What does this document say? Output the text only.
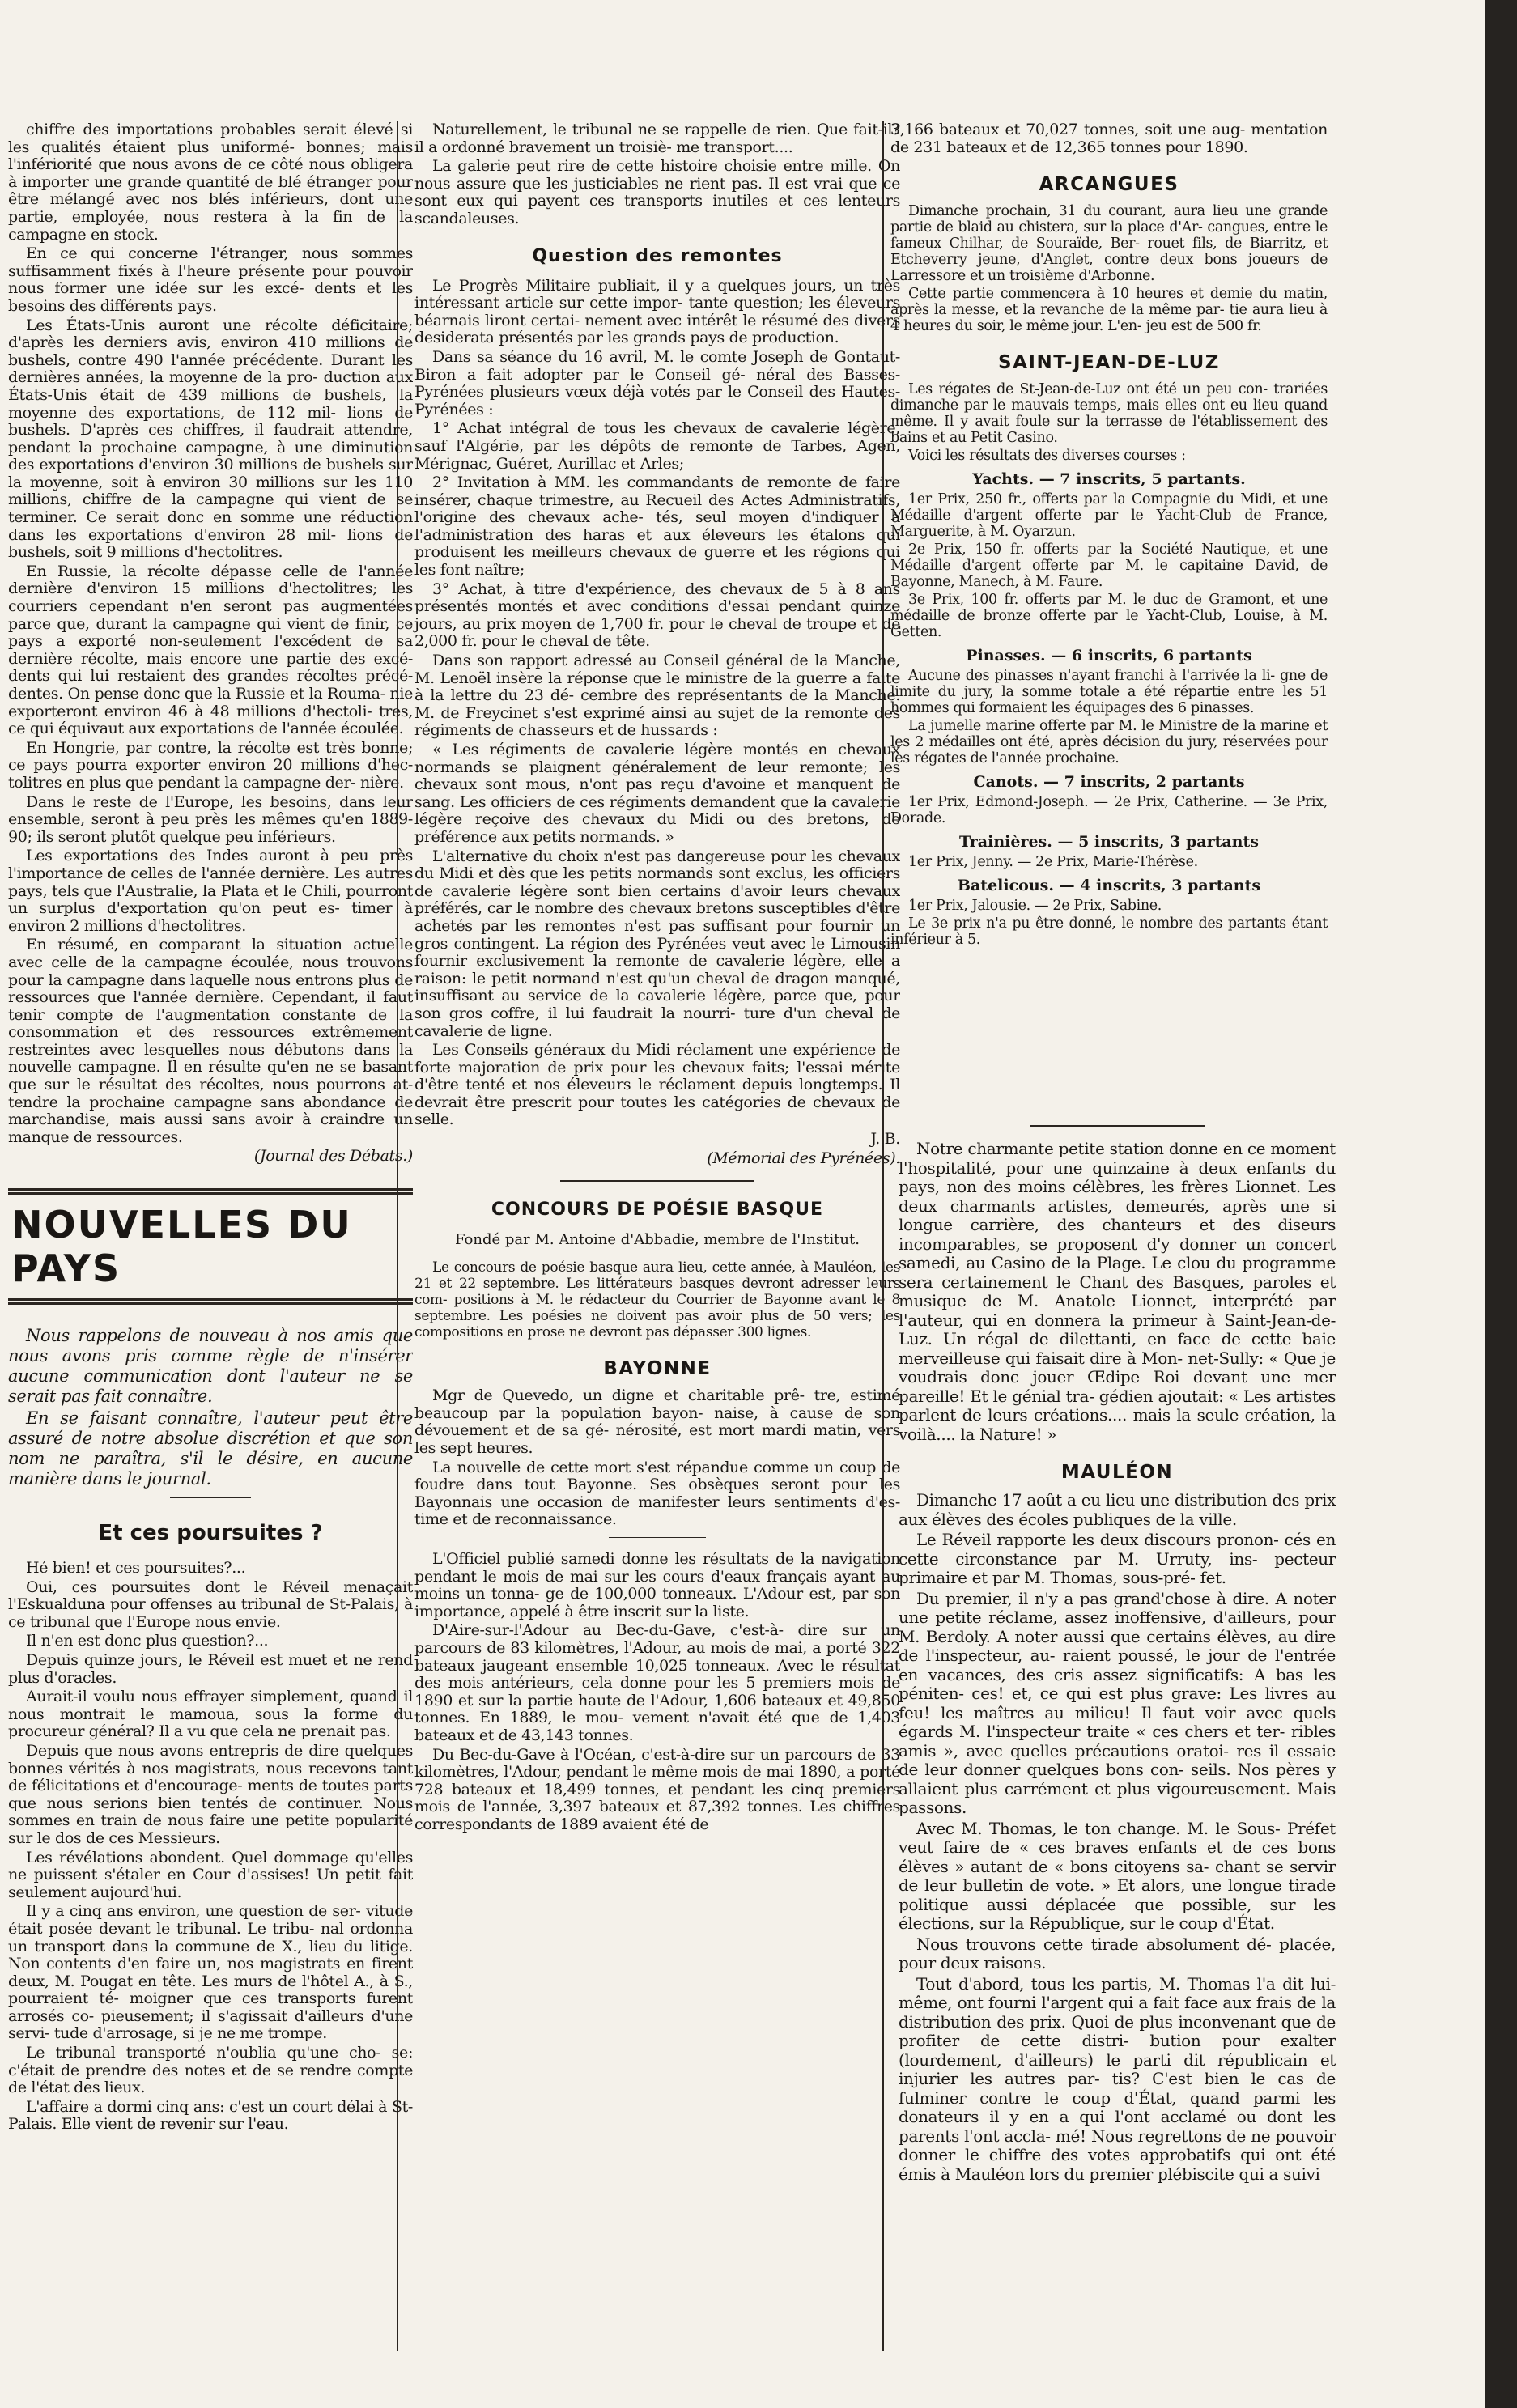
chiffre des importations probables serait élevé si les qualités étaient plus uniformé- bonnes; mais l'infériorité que nous avons de ce côté nous obligera à importer une grande quantité de blé étranger pour être mélangé avec nos blés inférieurs, dont une partie, employée, nous restera à la fin de la campagne en stock.

En ce qui concerne l'étranger, nous sommes suffisamment fixés à l'heure présente pour pouvoir nous former une idée sur les excé- dents et les besoins des différents pays.

Les États-Unis auront une récolte déficitaire; d'après les derniers avis, environ 410 millions de bushels, contre 490 l'année précédente. Durant les dernières années, la moyenne de la pro- duction aux États-Unis était de 439 millions de bushels, la moyenne des exportations, de 112 mil- lions de bushels. D'après ces chiffres, il faudrait attendre, pendant la prochaine campagne, à une diminution des exportations d'environ 30 millions de bushels sur la moyenne, soit à environ 30 millions sur les 110 millions, chiffre de la campagne qui vient de se terminer. Ce serait donc en somme une réduction dans les exportations d'environ 28 mil- lions de bushels, soit 9 millions d'hectolitres.

En Russie, la récolte dépasse celle de l'année dernière d'environ 15 millions d'hectolitres; les courriers cependant n'en seront pas augmentées parce que, durant la campagne qui vient de finir, ce pays a exporté non-seulement l'excédent de sa dernière récolte, mais encore une partie des excé- dents qui lui restaient des grandes récoltes précé- dentes. On pense donc que la Russie et la Rouma- nie exporteront environ 46 à 48 millions d'hectoli- tres, ce qui équivaut aux exportations de l'année écoulée.

En Hongrie, par contre, la récolte est très bonne; ce pays pourra exporter environ 20 millions d'hec- tolitres en plus que pendant la campagne der- nière.

Dans le reste de l'Europe, les besoins, dans leur ensemble, seront à peu près les mêmes qu'en 1889-90; ils seront plutôt quelque peu inférieurs.

Les exportations des Indes auront à peu près l'importance de celles de l'année dernière. Les autres pays, tels que l'Australie, la Plata et le Chili, pourront un surplus d'exportation qu'on peut es- timer à environ 2 millions d'hectolitres.

En résumé, en comparant la situation actuelle avec celle de la campagne écoulée, nous trouvons pour la campagne dans laquelle nous entrons plus de ressources que l'année dernière. Cependant, il faut tenir compte de l'augmentation constante de la consommation et des ressources extrêmement restreintes avec lesquelles nous débutons dans la nouvelle campagne. Il en résulte qu'en ne se basant que sur le résultat des récoltes, nous pourrons at- tendre la prochaine campagne sans abondance de marchandise, mais aussi sans avoir à craindre un manque de ressources.

(Journal des Débats.)

NOUVELLES DU PAYS

Nous rappelons de nouveau à nos amis que nous avons pris comme règle de n'insérer aucune communication dont l'auteur ne se serait pas fait connaître.

En se faisant connaître, l'auteur peut être assuré de notre absolue discrétion et que son nom ne paraîtra, s'il le désire, en aucune manière dans le journal.

Et ces poursuites ?

Hé bien! et ces poursuites?...

Oui, ces poursuites dont le Réveil menaçait l'Eskualduna pour offenses au tribunal de St-Palais, à ce tribunal que l'Europe nous envie.

Il n'en est donc plus question?...

Depuis quinze jours, le Réveil est muet et ne rend plus d'oracles.

Aurait-il voulu nous effrayer simplement, quand il nous montrait le mamoua, sous la forme du procureur général? Il a vu que cela ne prenait pas.

Depuis que nous avons entrepris de dire quelques bonnes vérités à nos magistrats, nous recevons tant de félicitations et d'encourage- ments de toutes parts que nous serions bien tentés de continuer. Nous sommes en train de nous faire une petite popularité sur le dos de ces Messieurs.

Les révélations abondent. Quel dommage qu'elles ne puissent s'étaler en Cour d'assises! Un petit fait seulement aujourd'hui.

Il y a cinq ans environ, une question de ser- vitude était posée devant le tribunal. Le tribu- nal ordonna un transport dans la commune de X., lieu du litige. Non contents d'en faire un, nos magistrats en firent deux, M. Pougat en tête. Les murs de l'hôtel A., à S., pourraient té- moigner que ces transports furent arrosés co- pieusement; il s'agissait d'ailleurs d'une servi- tude d'arrosage, si je ne me trompe.

Le tribunal transporté n'oublia qu'une cho- se: c'était de prendre des notes et de se rendre compte de l'état des lieux.

L'affaire a dormi cinq ans: c'est un court délai à St-Palais. Elle vient de revenir sur l'eau.

Naturellement, le tribunal ne se rappelle de rien. Que fait-il? il a ordonné bravement un troisiè- me transport....

La galerie peut rire de cette histoire choisie entre mille. On nous assure que les justiciables ne rient pas. Il est vrai que ce sont eux qui payent ces transports inutiles et ces lenteurs scandaleuses.

Question des remontes

Le Progrès Militaire publiait, il y a quelques jours, un très intéressant article sur cette impor- tante question; les éleveurs béarnais liront certai- nement avec intérêt le résumé des divers desiderata présentés par les grands pays de production.

Dans sa séance du 16 avril, M. le comte Joseph de Gontaut-Biron a fait adopter par le Conseil gé- néral des Basses-Pyrénées plusieurs vœux déjà votés par le Conseil des Hautes-Pyrénées :

1° Achat intégral de tous les chevaux de cavalerie légère, sauf l'Algérie, par les dépôts de remonte de Tarbes, Agen, Mérignac, Guéret, Aurillac et Arles;

2° Invitation à MM. les commandants de remonte de faire insérer, chaque trimestre, au Recueil des Actes Administratifs, l'origine des chevaux ache- tés, seul moyen d'indiquer à l'administration des haras et aux éleveurs les étalons qui produisent les meilleurs chevaux de guerre et les régions qui les font naître;

3° Achat, à titre d'expérience, des chevaux de 5 à 8 ans présentés montés et avec conditions d'essai pendant quinze jours, au prix moyen de 1,700 fr. pour le cheval de troupe et de 2,000 fr. pour le cheval de tête.

Dans son rapport adressé au Conseil général de la Manche, M. Lenoël insère la réponse que le ministre de la guerre a faite à la lettre du 23 dé- cembre des représentants de la Manche. M. de Freycinet s'est exprimé ainsi au sujet de la remonte des régiments de chasseurs et de hussards :

« Les régiments de cavalerie légère montés en chevaux normands se plaignent généralement de leur remonte; les chevaux sont mous, n'ont pas reçu d'avoine et manquent de sang. Les officiers de ces régiments demandent que la cavalerie légère reçoive des chevaux du Midi ou des bretons, de préférence aux petits normands. »

L'alternative du choix n'est pas dangereuse pour les chevaux du Midi et dès que les petits normands sont exclus, les officiers de cavalerie légère sont bien certains d'avoir leurs chevaux préférés, car le nombre des chevaux bretons susceptibles d'être achetés par les remontes n'est pas suffisant pour fournir un gros contingent. La région des Pyrénées veut avec le Limousin fournir exclusivement la remonte de cavalerie légère, elle a raison: le petit normand n'est qu'un cheval de dragon manqué, insuffisant au service de la cavalerie légère, parce que, pour son gros coffre, il lui faudrait la nourri- ture d'un cheval de cavalerie de ligne.

Les Conseils généraux du Midi réclament une expérience de forte majoration de prix pour les chevaux faits; l'essai mérite d'être tenté et nos éleveurs le réclament depuis longtemps. Il devrait être prescrit pour toutes les catégories de chevaux de selle.

J. B.

(Mémorial des Pyrénées).

CONCOURS DE POÉSIE BASQUE
Fondé par M. Antoine d'Abbadie, membre de l'Institut.

Le concours de poésie basque aura lieu, cette année, à Mauléon, les 21 et 22 septembre. Les littérateurs basques devront adresser leurs com- positions à M. le rédacteur du Courrier de Bayonne avant le 8 septembre. Les poésies ne doivent pas avoir plus de 50 vers; les compositions en prose ne devront pas dépasser 300 lignes.

BAYONNE

Mgr de Quevedo, un digne et charitable prê- tre, estimé beaucoup par la population bayon- naise, à cause de son dévouement et de sa gé- nérosité, est mort mardi matin, vers les sept heures.

La nouvelle de cette mort s'est répandue comme un coup de foudre dans tout Bayonne. Ses obsèques seront pour les Bayonnais une occasion de manifester leurs sentiments d'es- time et de reconnaissance.

L'Officiel publié samedi donne les résultats de la navigation pendant le mois de mai sur les cours d'eaux français ayant au moins un tonna- ge de 100,000 tonneaux. L'Adour est, par son importance, appelé à être inscrit sur la liste.

D'Aire-sur-l'Adour au Bec-du-Gave, c'est-à- dire sur un parcours de 83 kilomètres, l'Adour, au mois de mai, a porté 322 bateaux jaugeant ensemble 10,025 tonneaux. Avec le résultat des mois antérieurs, cela donne pour les 5 premiers mois de 1890 et sur la partie haute de l'Adour, 1,606 bateaux et 49,850 tonnes. En 1889, le mou- vement n'avait été que de 1,403 bateaux et de 43,143 tonnes.

Du Bec-du-Gave à l'Océan, c'est-à-dire sur un parcours de 33 kilomètres, l'Adour, pendant le même mois de mai 1890, a porté 728 bateaux et 18,499 tonnes, et pendant les cinq premiers mois de l'année, 3,397 bateaux et 87,392 tonnes. Les chiffres correspondants de 1889 avaient été de

3,166 bateaux et 70,027 tonnes, soit une aug- mentation de 231 bateaux et de 12,365 tonnes pour 1890.

ARCANGUES

Dimanche prochain, 31 du courant, aura lieu une grande partie de blaid au chistera, sur la place d'Ar- cangues, entre le fameux Chilhar, de Souraïde, Ber- rouet fils, de Biarritz, et Etcheverry jeune, d'Anglet, contre deux bons joueurs de Larressore et un troisième d'Arbonne.

Cette partie commencera à 10 heures et demie du matin, après la messe, et la revanche de la même par- tie aura lieu à 4 heures du soir, le même jour. L'en- jeu est de 500 fr.

SAINT-JEAN-DE-LUZ

Les régates de St-Jean-de-Luz ont été un peu con- trariées dimanche par le mauvais temps, mais elles ont eu lieu quand même. Il y avait foule sur la terrasse de l'établissement des bains et au Petit Casino.

Voici les résultats des diverses courses :

Yachts. — 7 inscrits, 5 partants.

1er Prix, 250 fr., offerts par la Compagnie du Midi, et une Médaille d'argent offerte par le Yacht-Club de France, Marguerite, à M. Oyarzun.

2e Prix, 150 fr. offerts par la Société Nautique, et une Médaille d'argent offerte par M. le capitaine David, de Bayonne, Manech, à M. Faure.

3e Prix, 100 fr. offerts par M. le duc de Gramont, et une médaille de bronze offerte par le Yacht-Club, Louise, à M. Getten.

Pinasses. — 6 inscrits, 6 partants

Aucune des pinasses n'ayant franchi à l'arrivée la li- gne de limite du jury, la somme totale a été répartie entre les 51 hommes qui formaient les équipages des 6 pinasses.

La jumelle marine offerte par M. le Ministre de la marine et les 2 médailles ont été, après décision du jury, réservées pour les régates de l'année prochaine.

Canots. — 7 inscrits, 2 partants

1er Prix, Edmond-Joseph. — 2e Prix, Catherine. — 3e Prix, Dorade.

Trainières. — 5 inscrits, 3 partants

1er Prix, Jenny. — 2e Prix, Marie-Thérèse.

Batelicous. — 4 inscrits, 3 partants

1er Prix, Jalousie. — 2e Prix, Sabine.

Le 3e prix n'a pu être donné, le nombre des partants étant inférieur à 5.

Notre charmante petite station donne en ce moment l'hospitalité, pour une quinzaine à deux enfants du pays, non des moins célèbres, les frères Lionnet. Les deux charmants artistes, demeurés, après une si longue carrière, des chanteurs et des diseurs incomparables, se proposent d'y donner un concert samedi, au Casino de la Plage. Le clou du programme sera certainement le Chant des Basques, paroles et musique de M. Anatole Lionnet, interprété par l'auteur, qui en donnera la primeur à Saint-Jean-de-Luz. Un régal de dilettanti, en face de cette baie merveilleuse qui faisait dire à Mon- net-Sully: « Que je voudrais donc jouer Œdipe Roi devant une mer pareille! Et le génial tra- gédien ajoutait: « Les artistes parlent de leurs créations.... mais la seule création, la voilà.... la Nature! »

MAULÉON

Dimanche 17 août a eu lieu une distribution des prix aux élèves des écoles publiques de la ville.

Le Réveil rapporte les deux discours pronon- cés en cette circonstance par M. Urruty, ins- pecteur primaire et par M. Thomas, sous-pré- fet.

Du premier, il n'y a pas grand'chose à dire. A noter une petite réclame, assez inoffensive, d'ailleurs, pour M. Berdoly. A noter aussi que certains élèves, au dire de l'inspecteur, au- raient poussé, le jour de l'entrée en vacances, des cris assez significatifs: A bas les péniten- ces! et, ce qui est plus grave: Les livres au feu! les maîtres au milieu! Il faut voir avec quels égards M. l'inspecteur traite « ces chers et ter- ribles amis », avec quelles précautions oratoi- res il essaie de leur donner quelques bons con- seils. Nos pères y allaient plus carrément et plus vigoureusement. Mais passons.

Avec M. Thomas, le ton change. M. le Sous- Préfet veut faire de « ces braves enfants et de ces bons élèves » autant de « bons citoyens sa- chant se servir de leur bulletin de vote. » Et alors, une longue tirade politique aussi déplacée que possible, sur les élections, sur la République, sur le coup d'État.

Nous trouvons cette tirade absolument dé- placée, pour deux raisons.

Tout d'abord, tous les partis, M. Thomas l'a dit lui-même, ont fourni l'argent qui a fait face aux frais de la distribution des prix. Quoi de plus inconvenant que de profiter de cette distri- bution pour exalter (lourdement, d'ailleurs) le parti dit républicain et injurier les autres par- tis? C'est bien le cas de fulminer contre le coup d'État, quand parmi les donateurs il y en a qui l'ont acclamé ou dont les parents l'ont accla- mé! Nous regrettons de ne pouvoir donner le chiffre des votes approbatifs qui ont été émis à Mauléon lors du premier plébiscite qui a suivi
